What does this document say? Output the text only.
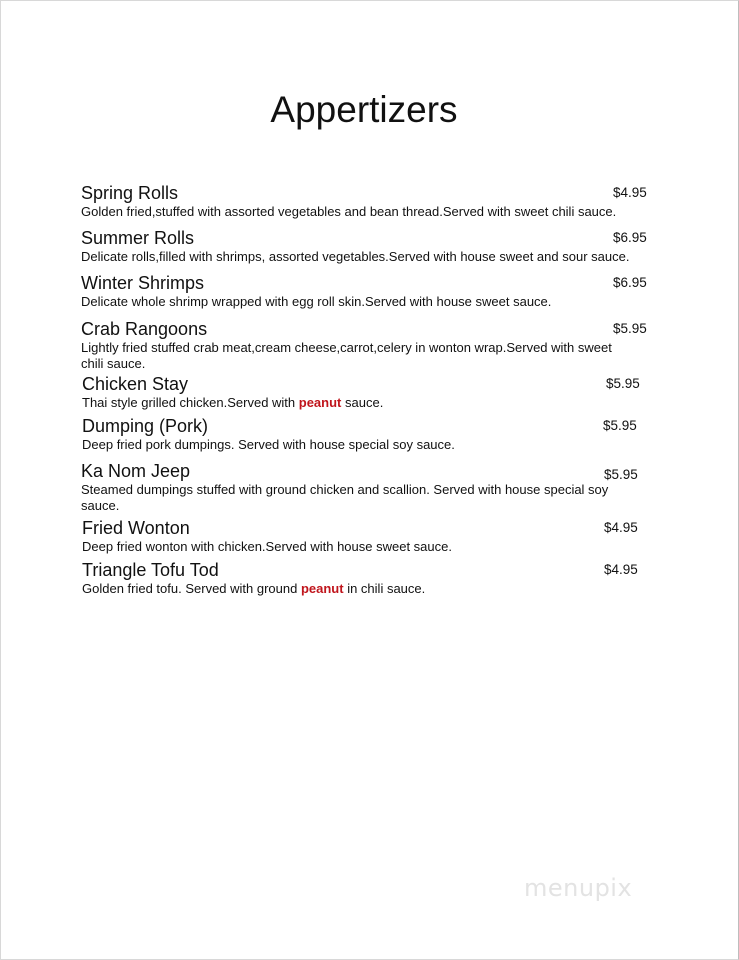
Appertizers
Spring Rolls	$4.95
Golden fried,stuffed with assorted vegetables and bean thread.Served with sweet chili sauce.
Summer Rolls	$6.95
Delicate rolls,filled with shrimps, assorted vegetables.Served with house sweet and sour sauce.
Winter Shrimps	$6.95
Delicate whole shrimp wrapped with egg roll skin.Served with house sweet sauce.
Crab Rangoons	$5.95
Lightly fried stuffed crab meat,cream cheese,carrot,celery in wonton wrap.Served with sweet chili sauce.
Chicken Stay	$5.95
Thai style grilled chicken.Served with peanut sauce.
Dumping (Pork)	$5.95
Deep fried pork dumpings. Served with house special soy sauce.
Ka Nom Jeep	$5.95
Steamed dumpings stuffed with ground chicken and scallion. Served with house special soy sauce.
Fried Wonton	$4.95
Deep fried wonton with chicken.Served with house sweet sauce.
Triangle Tofu Tod	$4.95
Golden fried tofu. Served with ground peanut in chili sauce.
menupix
